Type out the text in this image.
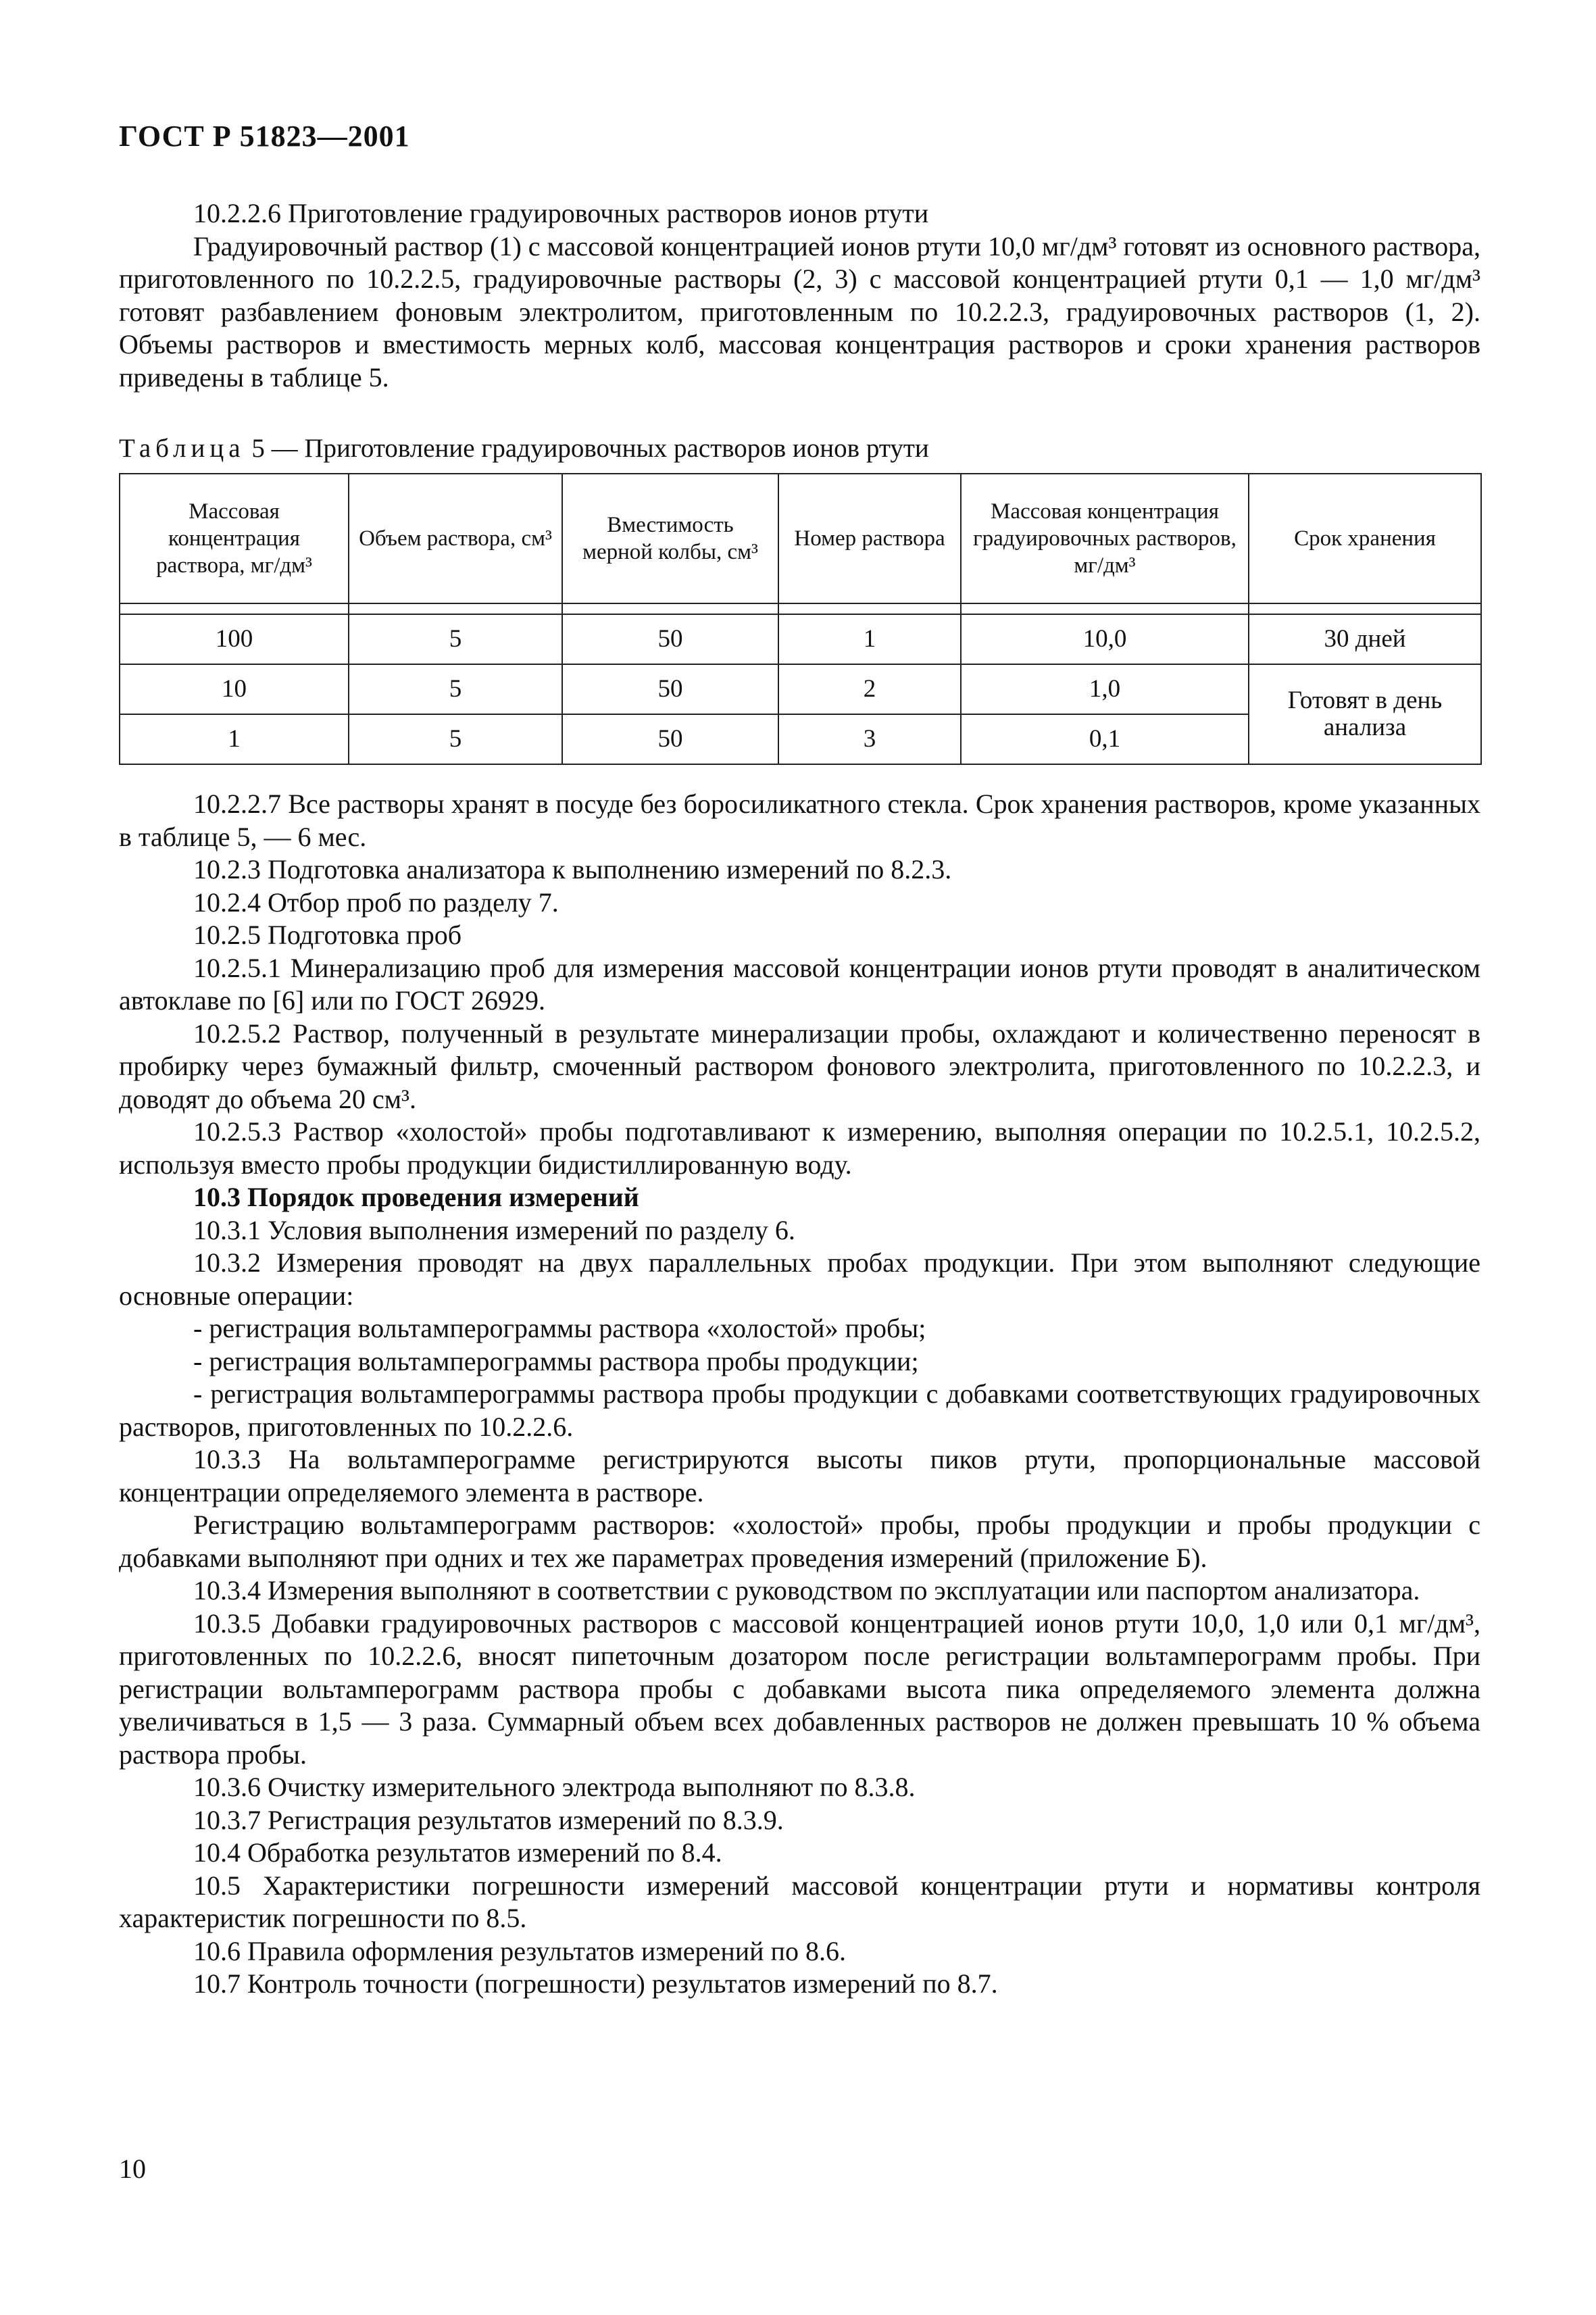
ГОСТ Р 51823—2001

10.2.2.6 Приготовление градуировочных растворов ионов ртути

Градуировочный раствор (1) с массовой концентрацией ионов ртути 10,0 мг/дм³ готовят из основного раствора, приготовленного по 10.2.2.5, градуировочные растворы (2, 3) с массовой концентрацией ртути 0,1 — 1,0 мг/дм³ готовят разбавлением фоновым электролитом, приготовленным по 10.2.2.3, градуировочных растворов (1, 2). Объемы растворов и вместимость мерных колб, массовая концентрация растворов и сроки хранения растворов приведены в таблице 5.

Таблица 5 — Приготовление градуировочных растворов ионов ртути

Массовая концентрация раствора, мг/дм³	Объем раствора, см³	Вместимость мерной колбы, см³	Номер раствора	Массовая концентрация градуировочных растворов, мг/дм³	Срок хранения

100	5	50	1	10,0	30 дней
10	5	50	2	1,0	Готовят в день анализа
1	5	50	3	0,1	

10.2.2.7 Все растворы хранят в посуде без боросиликатного стекла. Срок хранения растворов, кроме указанных в таблице 5, — 6 мес.

10.2.3 Подготовка анализатора к выполнению измерений по 8.2.3.

10.2.4 Отбор проб по разделу 7.

10.2.5 Подготовка проб

10.2.5.1 Минерализацию проб для измерения массовой концентрации ионов ртути проводят в аналитическом автоклаве по [6] или по ГОСТ 26929.

10.2.5.2 Раствор, полученный в результате минерализации пробы, охлаждают и количественно переносят в пробирку через бумажный фильтр, смоченный раствором фонового электролита, приготовленного по 10.2.2.3, и доводят до объема 20 см³.

10.2.5.3 Раствор «холостой» пробы подготавливают к измерению, выполняя операции по 10.2.5.1, 10.2.5.2, используя вместо пробы продукции бидистиллированную воду.

10.3 Порядок проведения измерений

10.3.1 Условия выполнения измерений по разделу 6.

10.3.2 Измерения проводят на двух параллельных пробах продукции. При этом выполняют следующие основные операции:

- регистрация вольтамперограммы раствора «холостой» пробы;

- регистрация вольтамперограммы раствора пробы продукции;

- регистрация вольтамперограммы раствора пробы продукции с добавками соответствующих градуировочных растворов, приготовленных по 10.2.2.6.

10.3.3 На вольтамперограмме регистрируются высоты пиков ртути, пропорциональные массовой концентрации определяемого элемента в растворе.

Регистрацию вольтамперограмм растворов: «холостой» пробы, пробы продукции и пробы продукции с добавками выполняют при одних и тех же параметрах проведения измерений (приложение Б).

10.3.4 Измерения выполняют в соответствии с руководством по эксплуатации или паспортом анализатора.

10.3.5 Добавки градуировочных растворов с массовой концентрацией ионов ртути 10,0, 1,0 или 0,1 мг/дм³, приготовленных по 10.2.2.6, вносят пипеточным дозатором после регистрации вольтамперограмм пробы. При регистрации вольтамперограмм раствора пробы с добавками высота пика определяемого элемента должна увеличиваться в 1,5 — 3 раза. Суммарный объем всех добавленных растворов не должен превышать 10 % объема раствора пробы.

10.3.6 Очистку измерительного электрода выполняют по 8.3.8.

10.3.7 Регистрация результатов измерений по 8.3.9.

10.4 Обработка результатов измерений по 8.4.

10.5 Характеристики погрешности измерений массовой концентрации ртути и нормативы контроля характеристик погрешности по 8.5.

10.6 Правила оформления результатов измерений по 8.6.

10.7 Контроль точности (погрешности) результатов измерений по 8.7.

10
